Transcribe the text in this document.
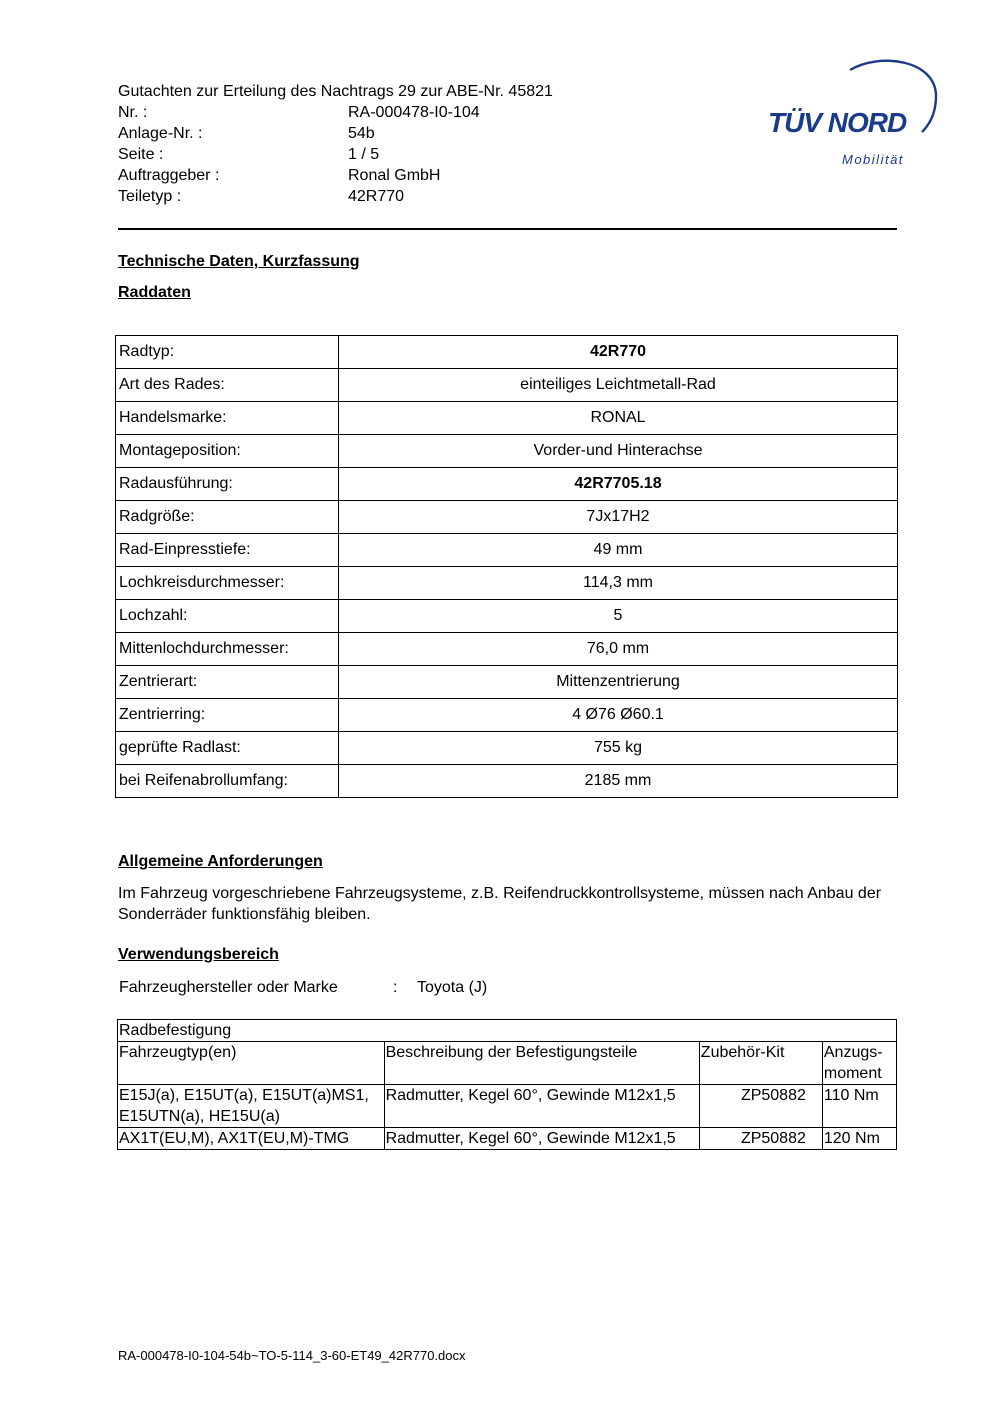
Gutachten zur Erteilung des Nachtrags 29 zur ABE-Nr. 45821
Nr. :	RA-000478-I0-104
Anlage-Nr. :	54b
Seite :	1 / 5
Auftraggeber :	Ronal GmbH
Teiletyp :	42R770
TÜV NORD
Mobilität
Technische Daten, Kurzfassung
Raddaten
Radtyp:	42R770
Art des Rades:	einteiliges Leichtmetall-Rad
Handelsmarke:	RONAL
Montageposition:	Vorder-und Hinterachse
Radausführung:	42R7705.18
Radgröße:	7Jx17H2
Rad-Einpresstiefe:	49 mm
Lochkreisdurchmesser:	114,3 mm
Lochzahl:	5
Mittenlochdurchmesser:	76,0 mm
Zentrierart:	Mittenzentrierung
Zentrierring:	4 Ø76 Ø60.1
geprüfte Radlast:	755 kg
bei Reifenabrollumfang:	2185 mm
Allgemeine Anforderungen
Im Fahrzeug vorgeschriebene Fahrzeugsysteme, z.B. Reifendruckkontrollsysteme, müssen nach Anbau der Sonderräder funktionsfähig bleiben.
Verwendungsbereich
Fahrzeughersteller oder Marke	: Toyota (J)
Radbefestigung			
Fahrzeugtyp(en)	Beschreibung der Befestigungsteile	Zubehör-Kit	Anzugs-moment
E15J(a), E15UT(a), E15UT(a)MS1, E15UTN(a), HE15U(a)	Radmutter, Kegel 60°, Gewinde M12x1,5	ZP50882	110 Nm
AX1T(EU,M), AX1T(EU,M)-TMG	Radmutter, Kegel 60°, Gewinde M12x1,5	ZP50882	120 Nm
RA-000478-I0-104-54b~TO-5-114_3-60-ET49_42R770.docx
